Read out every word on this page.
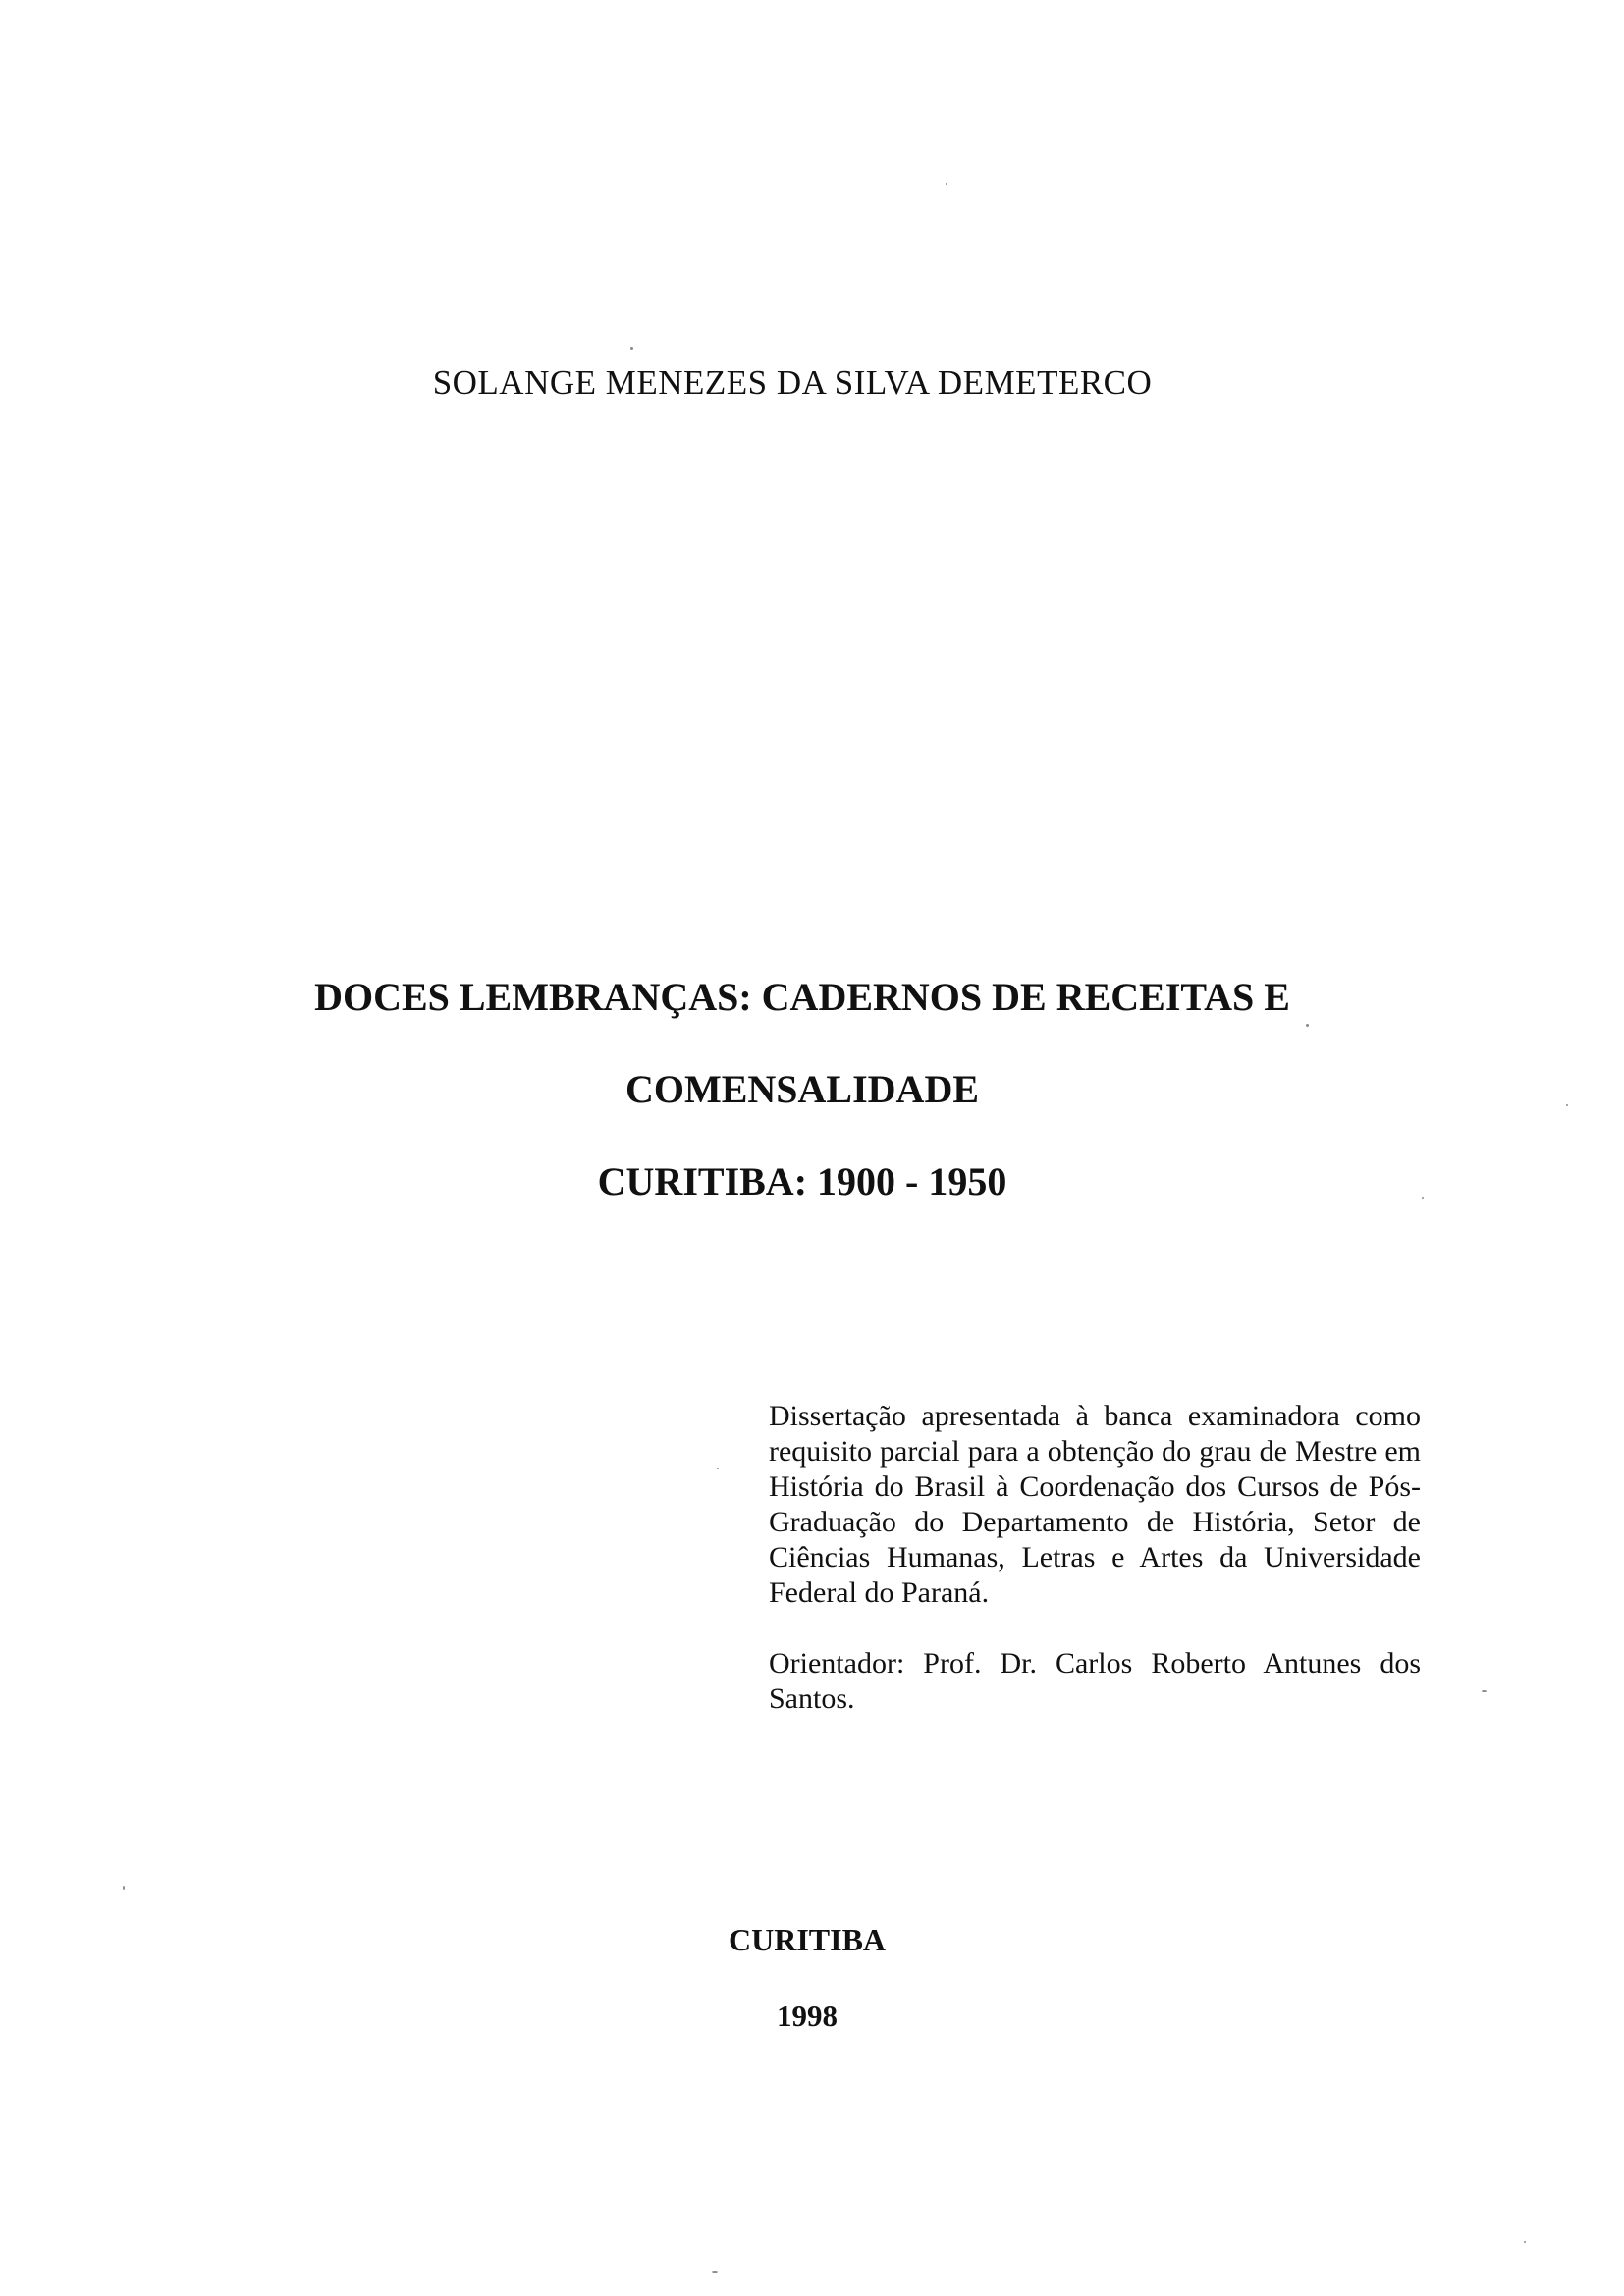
SOLANGE MENEZES DA SILVA DEMETERCO
DOCES LEMBRANÇAS: CADERNOS DE RECEITAS E
COMENSALIDADE
CURITIBA: 1900 - 1950

Dissertação apresentada à banca examinadora como requisito parcial para a obtenção do grau de Mestre em História do Brasil à Coordenação dos Cursos de Pós-Graduação do Departamento de História, Setor de Ciências Humanas, Letras e Artes da Universidade Federal do Paraná.

Orientador: Prof. Dr. Carlos Roberto Antunes dos Santos.

CURITIBA
1998
